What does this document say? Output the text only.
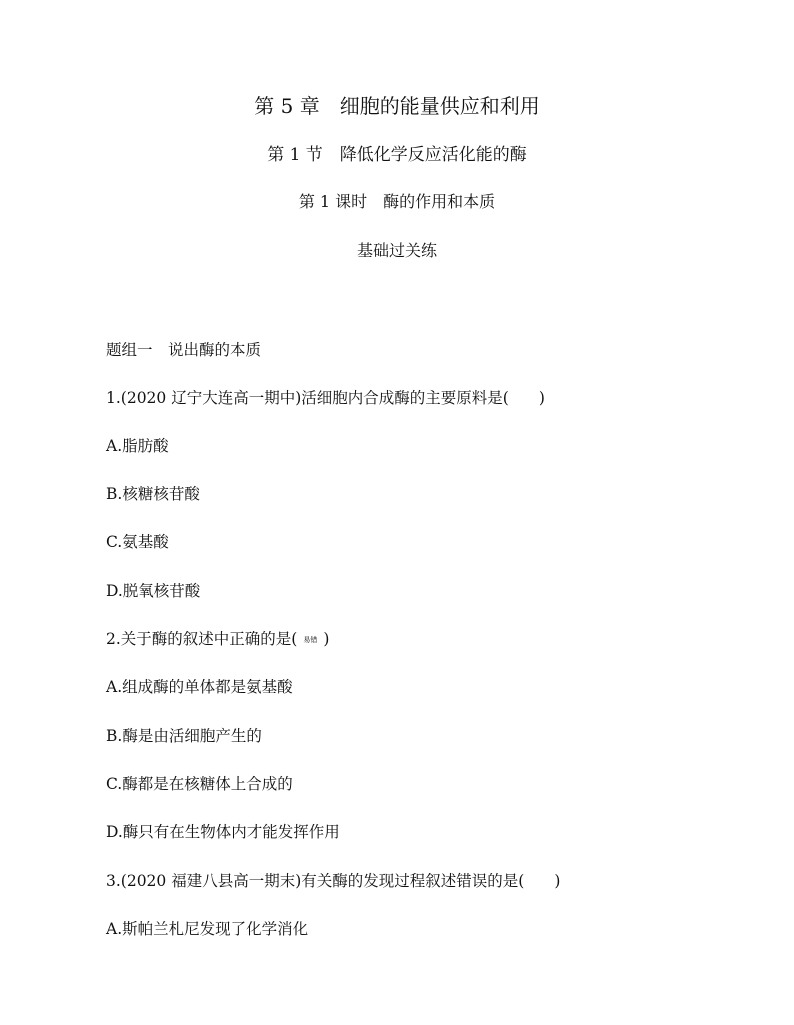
第 5 章　细胞的能量供应和利用
第 1 节　降低化学反应活化能的酶
第 1 课时　酶的作用和本质
基础过关练
题组一　说出酶的本质
1.(2020 辽宁大连高一期中)活细胞内合成酶的主要原料是( )
A.脂肪酸
B.核糖核苷酸
C.氨基酸
D.脱氧核苷酸
2.关于酶的叙述中正确的是( 易错 )
A.组成酶的单体都是氨基酸
B.酶是由活细胞产生的
C.酶都是在核糖体上合成的
D.酶只有在生物体内才能发挥作用
3.(2020 福建八县高一期末)有关酶的发现过程叙述错误的是( )
A.斯帕兰札尼发现了化学消化
